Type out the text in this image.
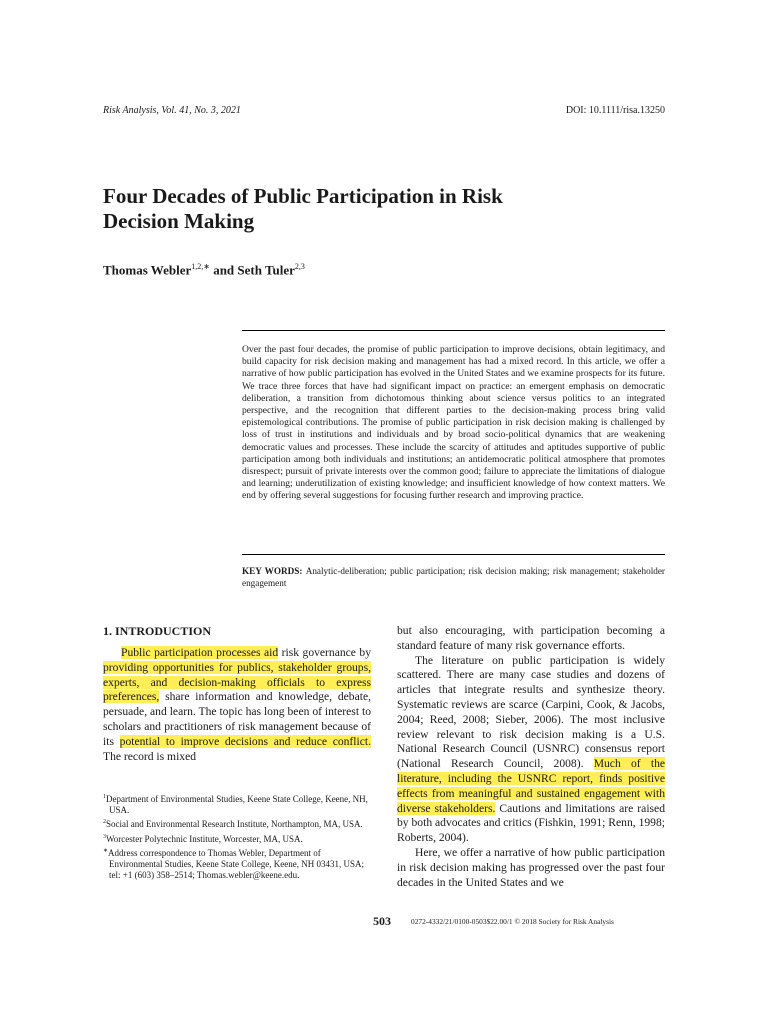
Risk Analysis, Vol. 41, No. 3, 2021	DOI: 10.1111/risa.13250
Four Decades of Public Participation in Risk Decision Making
Thomas Webler$^{1,2,∗}$ and Seth Tuler$^{2,3}$

Over the past four decades, the promise of public participation to improve decisions, obtain legitimacy, and build capacity for risk decision making and management has had a mixed record. In this article, we offer a narrative of how public participation has evolved in the United States and we examine prospects for its future. We trace three forces that have had significant impact on practice: an emergent emphasis on democratic deliberation, a transition from dichotomous thinking about science versus politics to an integrated perspective, and the recognition that different parties to the decision-making process bring valid epistemological contributions. The promise of public participation in risk decision making is challenged by loss of trust in institutions and individuals and by broad socio-political dynamics that are weakening democratic values and processes. These include the scarcity of attitudes and aptitudes supportive of public participation among both individuals and institutions; an antidemocratic political atmosphere that promotes disrespect; pursuit of private interests over the common good; failure to appreciate the limitations of dialogue and learning; underutilization of existing knowledge; and insufficient knowledge of how context matters. We end by offering several suggestions for focusing further research and improving practice.

KEY WORDS: Analytic-deliberation; public participation; risk decision making; risk management; stakeholder engagement
1. INTRODUCTION

Public participation processes aid risk governance by providing opportunities for publics, stakeholder groups, experts, and decision-making officials to express preferences, share information and knowledge, debate, persuade, and learn. The topic has long been of interest to scholars and practitioners of risk management because of its potential to improve decisions and reduce conflict. The record is mixed

$^1$Department of Environmental Studies, Keene State College, Keene, NH, USA.

$^2$Social and Environmental Research Institute, Northampton, MA, USA.

$^3$Worcester Polytechnic Institute, Worcester, MA, USA.

∗Address correspondence to Thomas Webler, Department of Environmental Studies, Keene State College, Keene, NH 03431, USA; tel: +1 (603) 358–2514; Thomas.webler@keene.edu.

but also encouraging, with participation becoming a standard feature of many risk governance efforts.

The literature on public participation is widely scattered. There are many case studies and dozens of articles that integrate results and synthesize theory. Systematic reviews are scarce (Carpini, Cook, & Jacobs, 2004; Reed, 2008; Sieber, 2006). The most inclusive review relevant to risk decision making is a U.S. National Research Council (USNRC) consensus report (National Research Council, 2008). Much of the literature, including the USNRC report, finds positive effects from meaningful and sustained engagement with diverse stakeholders. Cautions and limitations are raised by both advocates and critics (Fishkin, 1991; Renn, 1998; Roberts, 2004).

Here, we offer a narrative of how public participation in risk decision making has progressed over the past four decades in the United States and we

503	0272-4332/21/0100-0503$22.00/1 © 2018 Society for Risk Analysis
